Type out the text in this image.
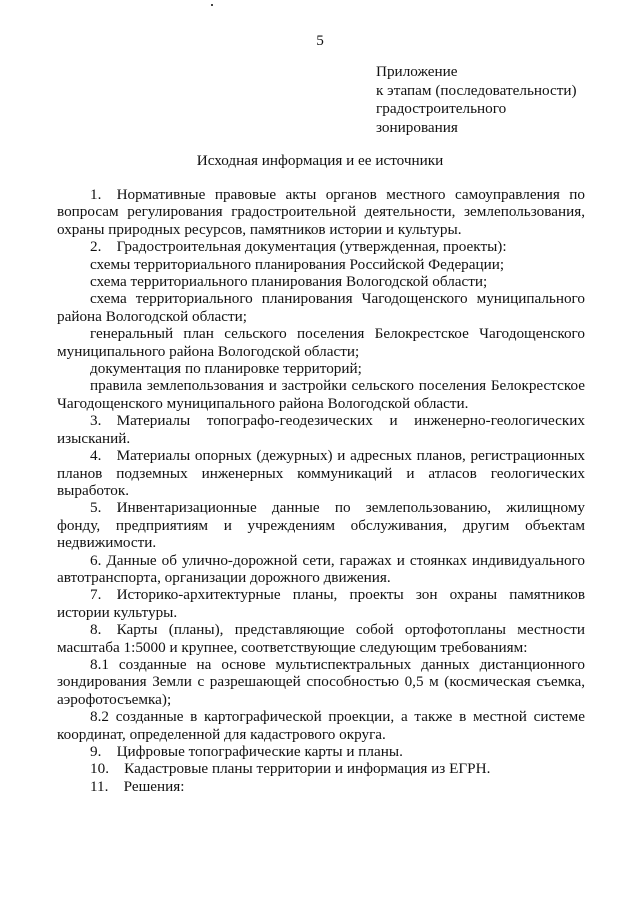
5
Приложение
к этапам (последовательности)
градостроительного
зонирования
Исходная информация и ее источники
1. Нормативные правовые акты органов местного самоуправления по вопросам регулирования градостроительной деятельности, землепользования, охраны природных ресурсов, памятников истории и культуры.
2. Градостроительная документация (утвержденная, проекты):
схемы территориального планирования Российской Федерации;
схема территориального планирования Вологодской области;
схема территориального планирования Чагодощенского муниципального района Вологодской области;
генеральный план сельского поселения Белокрестское Чагодощенского муниципального района Вологодской области;
документация по планировке территорий;
правила землепользования и застройки сельского поселения Белокрестское Чагодощенского муниципального района Вологодской области.
3. Материалы топографо-геодезических и инженерно-геологических изысканий.
4. Материалы опорных (дежурных) и адресных планов, регистрационных планов подземных инженерных коммуникаций и атласов геологических выработок.
5. Инвентаризационные данные по землепользованию, жилищному фонду, предприятиям и учреждениям обслуживания, другим объектам недвижимости.
6. Данные об улично-дорожной сети, гаражах и стоянках индивидуального автотранспорта, организации дорожного движения.
7. Историко-архитектурные планы, проекты зон охраны памятников истории культуры.
8. Карты (планы), представляющие собой ортофотопланы местности масштаба 1:5000 и крупнее, соответствующие следующим требованиям:
8.1 созданные на основе мультиспектральных данных дистанционного зондирования Земли с разрешающей способностью 0,5 м (космическая съемка, аэрофотосъемка);
8.2 созданные в картографической проекции, а также в местной системе координат, определенной для кадастрового округа.
9. Цифровые топографические карты и планы.
10. Кадастровые планы территории и информация из ЕГРН.
11. Решения:
